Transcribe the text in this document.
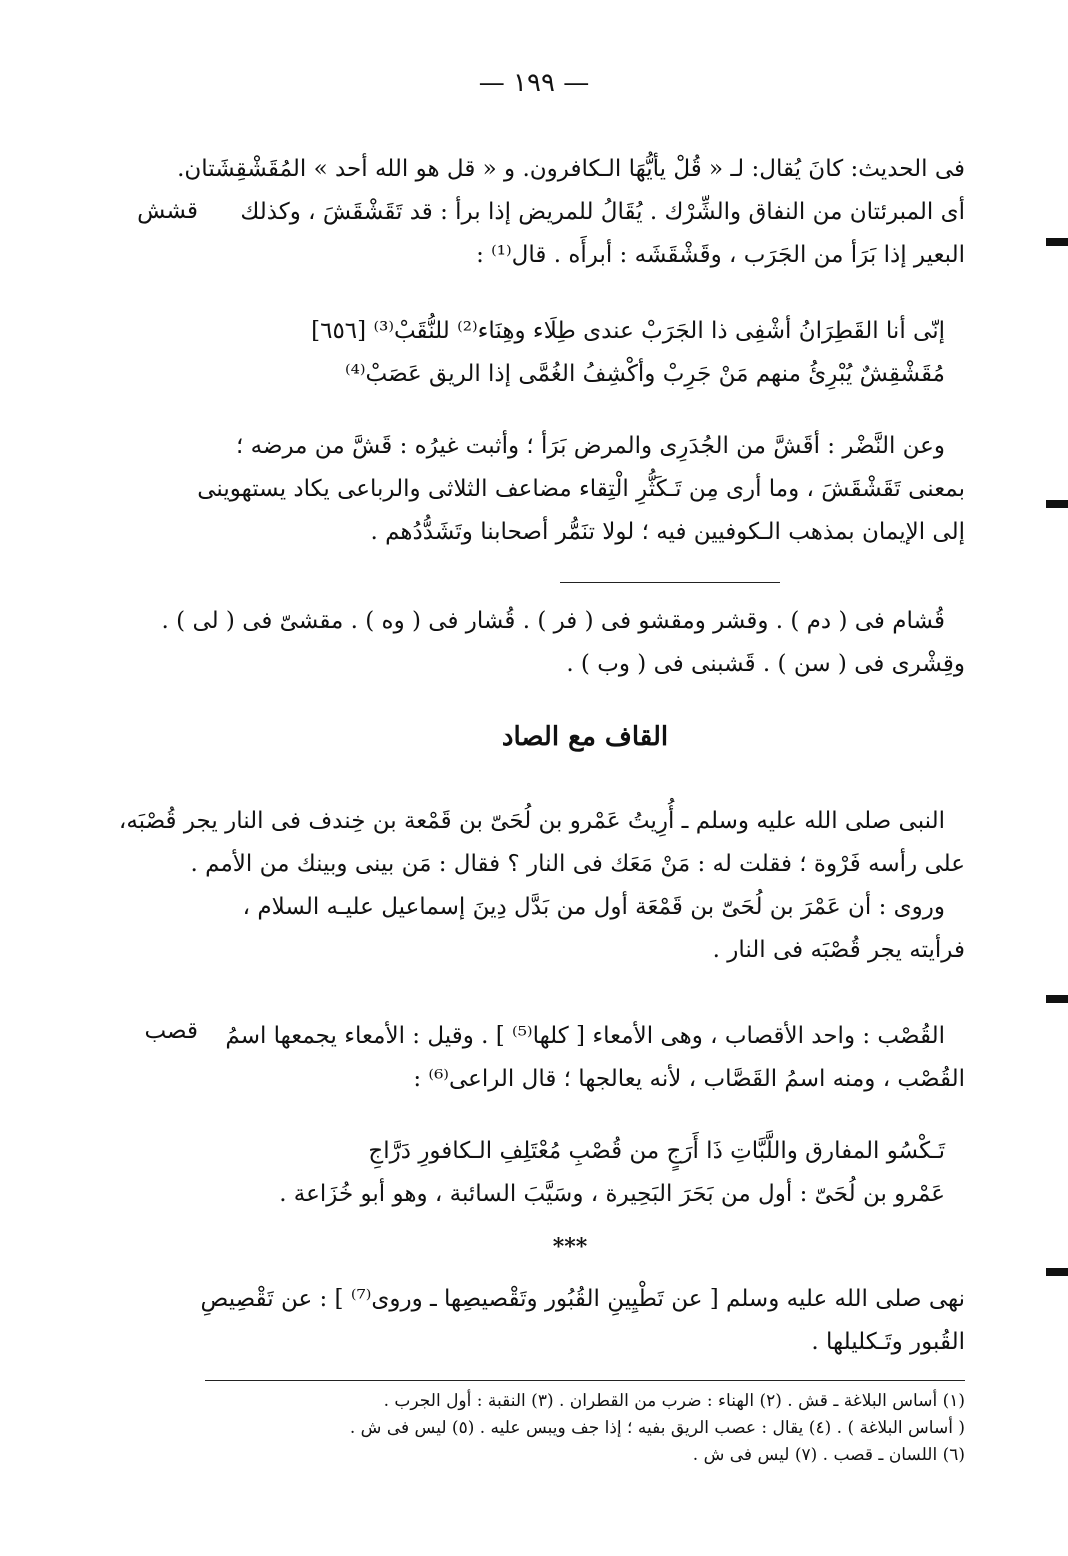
— ١٩٩ —
قشش
قصب
فى الحديث: كانَ يُقال: لـ « قُلْ يأيُّهَا الـكافرون. و « قل هو الله أحد » المُقَشْقِشَتان.
أى المبرئتان من النفاق والشِّرْك . يُقَالُ للمريض إذا برأ : قد تَقَشْقَشَ ، وكذلك
البعير إذا بَرَأ من الجَرَب ، وقَشْقَشَه : أبرأَه . قال⁽¹⁾ :
إنّى أنا القَطِرَانُ أشْفِى ذا الجَرَبْ عندى طِلَاء وهِنَاء⁽²⁾ للنُّقَبْ⁽³⁾ [٦٥٦]
مُقَشْقِشٌ يُبْرِئُ منهم مَنْ جَرِبْ وأكْشِفُ الغُمَّى إذا الريق عَصَبْ⁽⁴⁾
وعن النَّضْر : أقَشَّ من الجُدَرِى والمرض بَرَأ ؛ وأثبت غيرُه : قَشَّ من مرضه ؛
بمعنى تَقَشْقَشَ ، وما أرى مِن تَـكَثُّرِ الْتِقاء مضاعف الثلاثى والرباعى يكاد يستهوينى
إلى الإيمان بمذهب الـكوفيين فيه ؛ لولا تنَمُّر أصحابنا وتَشَدُّدُهم .
قُشام فى ( دم ) . وقشر ومقشو فى ( فر ) . قُشار فى ( وه ) . مقشىّ فى ( لى ) .
وقِشْرى فى ( سن ) . قَشبنى فى ( وب ) .
القاف مع الصاد
النبى صلى الله عليه وسلم ـ أُرِيتُ عَمْرو بن لُحَىّ بن قَمْعة بن خِندف فى النار يجر قُصْبَه،
على رأسه فَرْوة ؛ فقلت له : مَنْ مَعَك فى النار ؟ فقال : مَن بينى وبينك من الأمم .
وروى : أن عَمْرَ بن لُحَىّ بن قَمْعَة أول من بَدَّل دِينَ إسماعيل عليـه السلام ،
فرأيته يجر قُصْبَه فى النار .
القُصْب : واحد الأقصاب ، وهى الأمعاء [ كلها⁽⁵⁾ ] . وقيل : الأمعاء يجمعها اسمُ
القُصْب ، ومنه اسمُ القَصَّاب ، لأنه يعالجها ؛ قال الراعى⁽⁶⁾ :
تَـكْسُو المفارق واللَّبَّاتِ ذَا أَرَجٍ من قُصْبِ مُعْتَلِفِ الـكافورِ دَرَّاجِ
عَمْرو بن لُحَىّ : أول من بَحَرَ البَحِيرة ، وسَيَّبَ السائبة ، وهو أبو خُزَاعة .
***
نهى صلى الله عليه وسلم [ عن تَطْيِينِ القُبُور وتَقْصيصِها ـ وروى⁽⁷⁾ ] : عن تَقْصِيصِ
القُبور وتَـكليلها .
(١) أساس البلاغة ـ قش . (٢) الهناء : ضرب من القطران . (٣) النقبة : أول الجرب .
( أساس البلاغة ) . (٤) يقال : عصب الريق بفيه ؛ إذا جف ويبس عليه . (٥) ليس فى ش .
(٦) اللسان ـ قصب . (٧) ليس فى ش .
